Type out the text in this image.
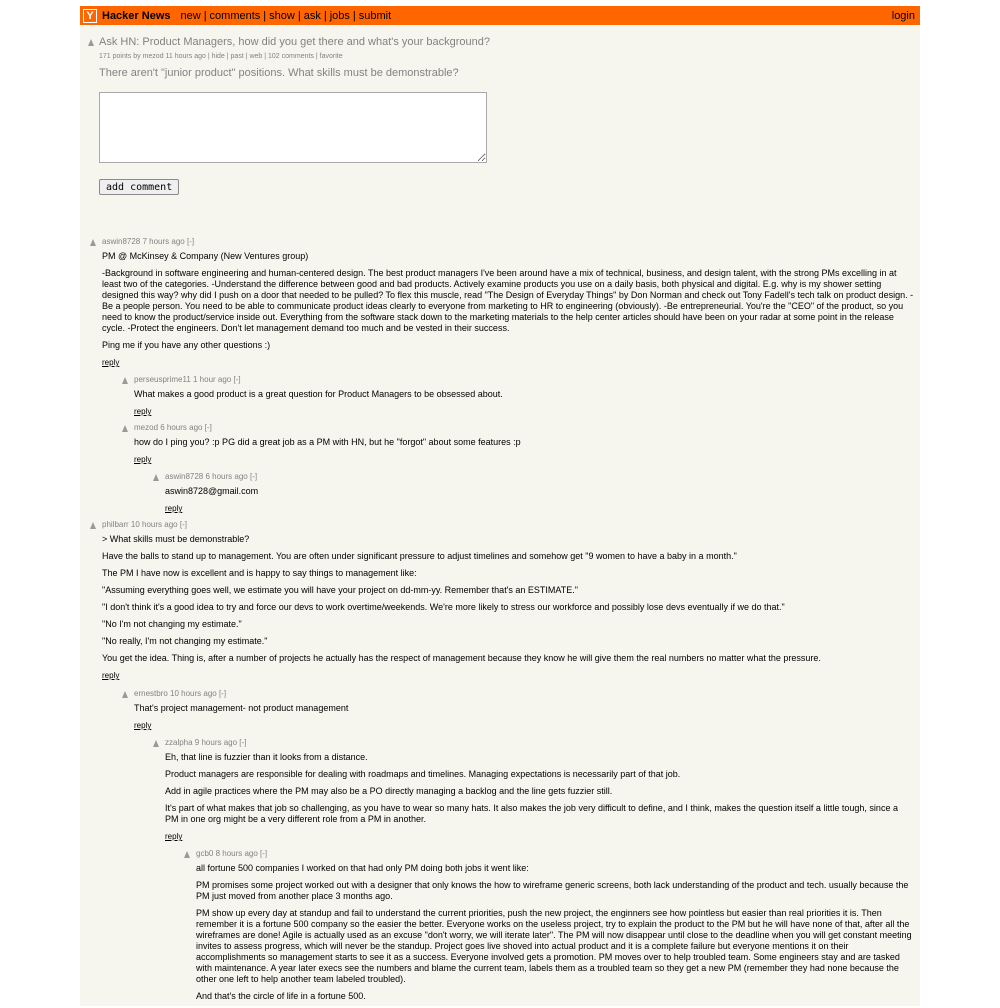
Y Hacker News new | comments | show | ask | jobs | submit	login
Ask HN: Product Managers, how did you get there and what's your background?
171 points by mezod 11 hours ago | hide | past | web | 102 comments | favorite
There aren't "junior product" positions. What skills must be demonstrable?
add comment
aswin8728 7 hours ago [-]

PM @ McKinsey & Company (New Ventures group)

-Background in software engineering and human-centered design. The best product managers I've been around have a mix of technical, business, and design talent, with the strong PMs excelling in at least two of the categories. -Understand the difference between good and bad products. Actively examine products you use on a daily basis, both physical and digital. E.g. why is my shower setting designed this way? why did I push on a door that needed to be pulled? To flex this muscle, read "The Design of Everyday Things" by Don Norman and check out Tony Fadell's tech talk on product design. -Be a people person. You need to be able to communicate product ideas clearly to everyone from marketing to HR to engineering (obviously). -Be entrepreneurial. You're the "CEO" of the product, so you need to know the product/service inside out. Everything from the software stack down to the marketing materials to the help center articles should have been on your radar at some point in the release cycle. -Protect the engineers. Don't let management demand too much and be vested in their success.

Ping me if you have any other questions :)

reply
perseusprime11 1 hour ago [-]

What makes a good product is a great question for Product Managers to be obsessed about.

reply
mezod 6 hours ago [-]

how do I ping you? :p PG did a great job as a PM with HN, but he "forgot" about some features :p

reply
aswin8728 6 hours ago [-]

aswin8728@gmail.com

reply
philbarr 10 hours ago [-]

> What skills must be demonstrable?

Have the balls to stand up to management. You are often under significant pressure to adjust timelines and somehow get "9 women to have a baby in a month."

The PM I have now is excellent and is happy to say things to management like:

"Assuming everything goes well, we estimate you will have your project on dd-mm-yy. Remember that's an ESTIMATE."

"I don't think it's a good idea to try and force our devs to work overtime/weekends. We're more likely to stress our workforce and possibly lose devs eventually if we do that."

"No I'm not changing my estimate."

"No really, I'm not changing my estimate."

You get the idea. Thing is, after a number of projects he actually has the respect of management because they know he will give them the real numbers no matter what the pressure.

reply
ernestbro 10 hours ago [-]

That's project management- not product management

reply
zzalpha 9 hours ago [-]

Eh, that line is fuzzier than it looks from a distance.

Product managers are responsible for dealing with roadmaps and timelines. Managing expectations is necessarily part of that job.

Add in agile practices where the PM may also be a PO directly managing a backlog and the line gets fuzzier still.

It's part of what makes that job so challenging, as you have to wear so many hats. It also makes the job very difficult to define, and I think, makes the question itself a little tough, since a PM in one org might be a very different role from a PM in another.

reply
gcb0 8 hours ago [-]

all fortune 500 companies I worked on that had only PM doing both jobs it went like:

PM promises some project worked out with a designer that only knows the how to wireframe generic screens, both lack understanding of the product and tech. usually because the PM just moved from another place 3 months ago.

PM show up every day at standup and fail to understand the current priorities, push the new project, the enginners see how pointless but easier than real priorities it is. Then remember it is a fortune 500 company so the easier the better. Everyone works on the useless project, try to explain the product to the PM but he will have none of that, after all the wireframes are done! Agile is actually used as an excuse "don't worry, we will iterate later". The PM will now disappear until close to the deadline when you will get constant meeting invites to assess progress, which will never be the standup. Project goes live shoved into actual product and it is a complete failure but everyone mentions it on their accomplishments so management starts to see it as a success. Everyone involved gets a promotion. PM moves over to help troubled team. Some engineers stay and are tasked with maintenance. A year later execs see the numbers and blame the current team, labels them as a troubled team so they get a new PM (remember they had none because the other one left to help another team labeled troubled).

And that's the circle of life in a fortune 500.
